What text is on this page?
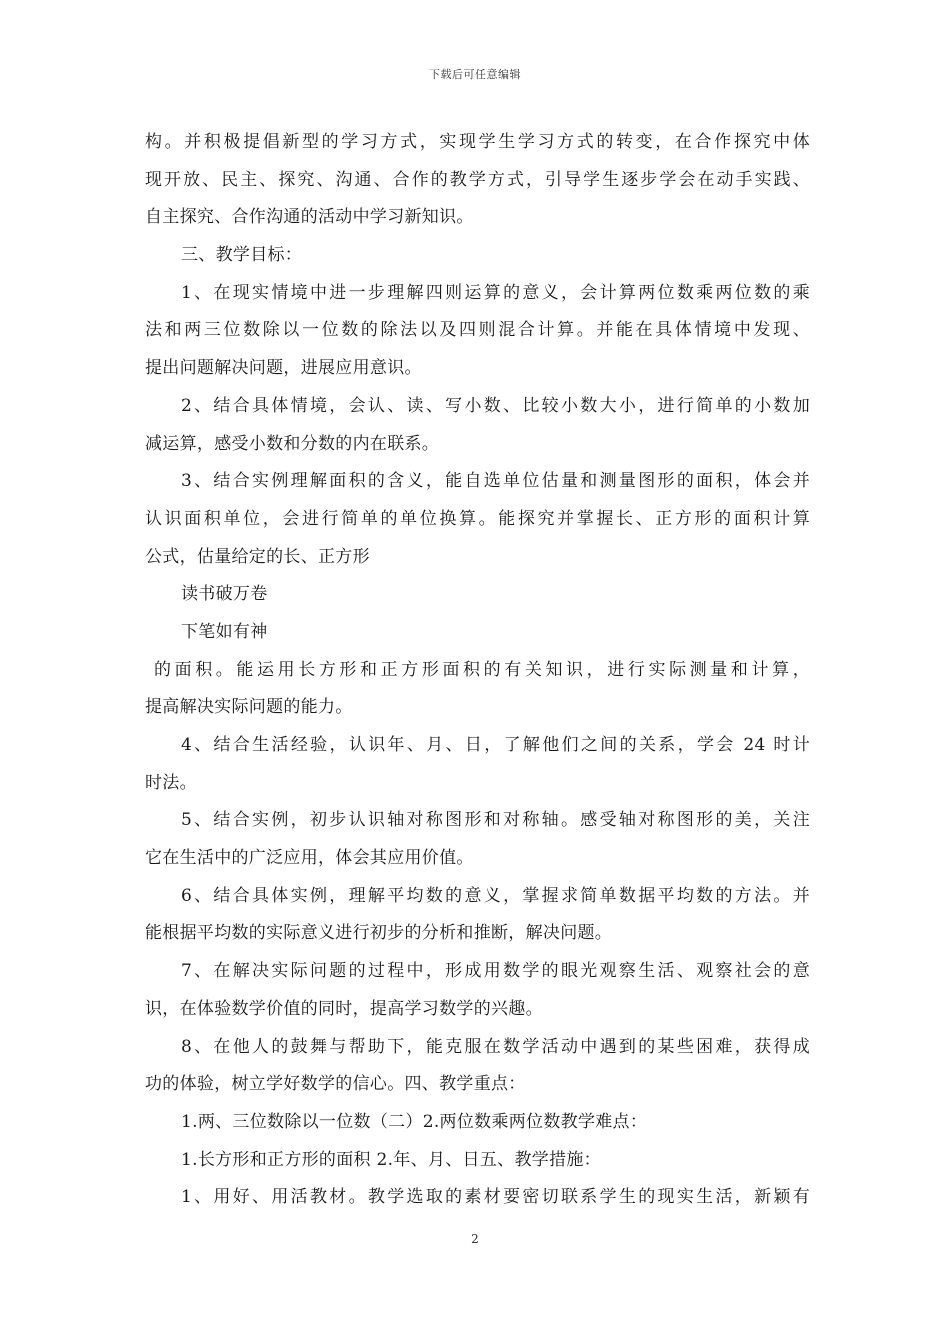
下载后可任意编辑
构。并积极提倡新型的学习方式，实现学生学习方式的转变，在合作探究中体
现开放、民主、探究、沟通、合作的教学方式，引导学生逐步学会在动手实践、
自主探究、合作沟通的活动中学习新知识。
三、教学目标：
1、在现实情境中进一步理解四则运算的意义，会计算两位数乘两位数的乘
法和两三位数除以一位数的除法以及四则混合计算。并能在具体情境中发现、
提出问题解决问题，进展应用意识。
2、结合具体情境，会认、读、写小数、比较小数大小，进行简单的小数加
减运算，感受小数和分数的内在联系。
3、结合实例理解面积的含义，能自选单位估量和测量图形的面积，体会并
认识面积单位，会进行简单的单位换算。能探究并掌握长、正方形的面积计算
公式，估量给定的长、正方形
读书破万卷
下笔如有神
的面积。能运用长方形和正方形面积的有关知识，进行实际测量和计算，
提高解决实际问题的能力。
4、结合生活经验，认识年、月、日，了解他们之间的关系，学会 24 时计
时法。
5、结合实例，初步认识轴对称图形和对称轴。感受轴对称图形的美，关注
它在生活中的广泛应用，体会其应用价值。
6、结合具体实例，理解平均数的意义，掌握求简单数据平均数的方法。并
能根据平均数的实际意义进行初步的分析和推断，解决问题。
7、在解决实际问题的过程中，形成用数学的眼光观察生活、观察社会的意
识，在体验数学价值的同时，提高学习数学的兴趣。
8、在他人的鼓舞与帮助下，能克服在数学活动中遇到的某些困难，获得成
功的体验，树立学好数学的信心。四、教学重点：
1.两、三位数除以一位数（二）2.两位数乘两位数教学难点：
1.长方形和正方形的面积 2.年、月、日五、教学措施：
1、用好、用活教材。教学选取的素材要密切联系学生的现实生活，新颖有
2
